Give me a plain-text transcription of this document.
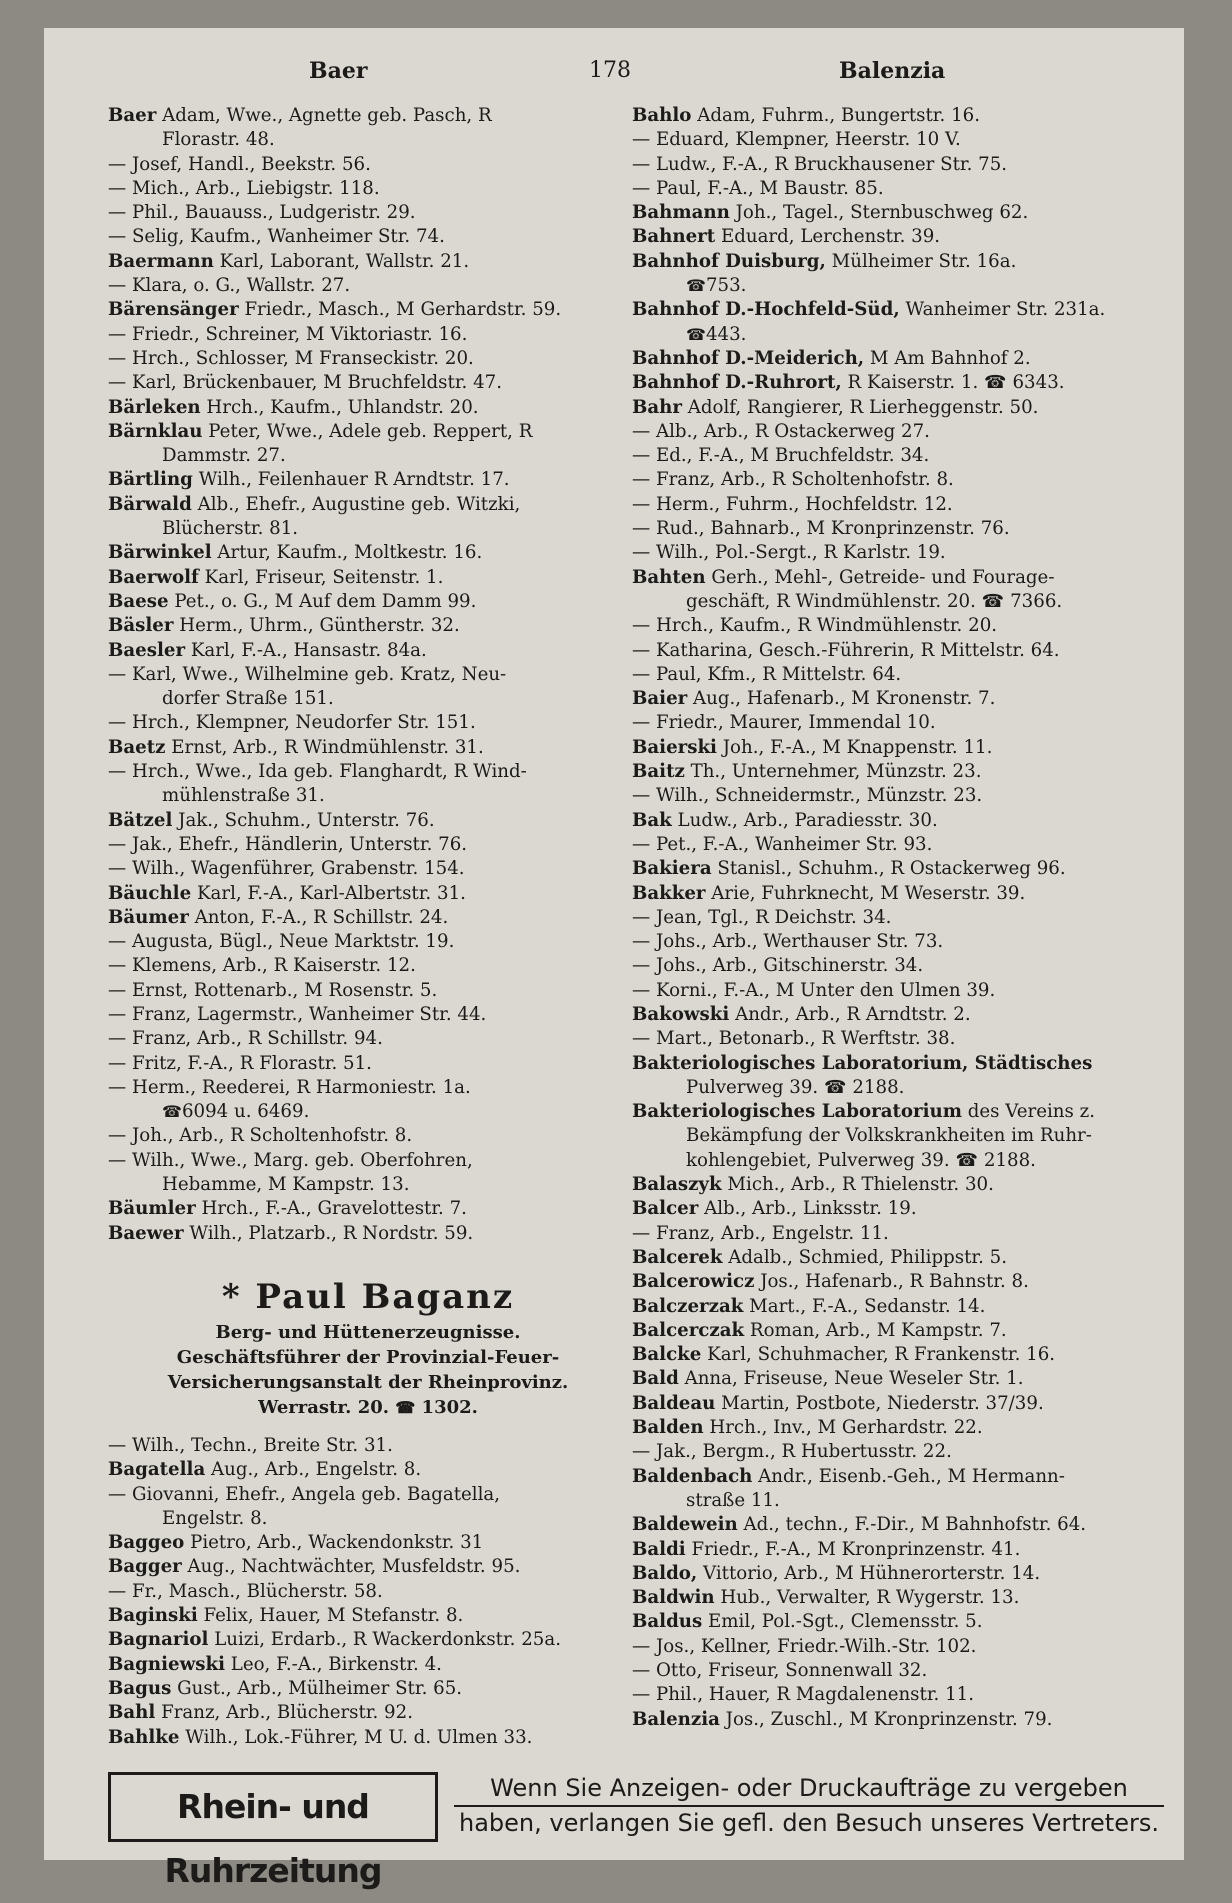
Baer	178	Balenzia
Baer Adam, Wwe., Agnette geb. Pasch, R
Florastr. 48.
— Josef, Handl., Beekstr. 56.
— Mich., Arb., Liebigstr. 118.
— Phil., Bauauss., Ludgeristr. 29.
— Selig, Kaufm., Wanheimer Str. 74.
Baermann Karl, Laborant, Wallstr. 21.
— Klara, o. G., Wallstr. 27.
Bärensänger Friedr., Masch., M Gerhardstr. 59.
— Friedr., Schreiner, M Viktoriastr. 16.
— Hrch., Schlosser, M Franseckistr. 20.
— Karl, Brückenbauer, M Bruchfeldstr. 47.
Bärleken Hrch., Kaufm., Uhlandstr. 20.
Bärnklau Peter, Wwe., Adele geb. Reppert, R
Dammstr. 27.
Bärtling Wilh., Feilenhauer R Arndtstr. 17.
Bärwald Alb., Ehefr., Augustine geb. Witzki,
Blücherstr. 81.
Bärwinkel Artur, Kaufm., Moltkestr. 16.
Baerwolf Karl, Friseur, Seitenstr. 1.
Baese Pet., o. G., M Auf dem Damm 99.
Bäsler Herm., Uhrm., Güntherstr. 32.
Baesler Karl, F.-A., Hansastr. 84a.
— Karl, Wwe., Wilhelmine geb. Kratz, Neu-
dorfer Straße 151.
— Hrch., Klempner, Neudorfer Str. 151.
Baetz Ernst, Arb., R Windmühlenstr. 31.
— Hrch., Wwe., Ida geb. Flanghardt, R Wind-
mühlenstraße 31.
Bätzel Jak., Schuhm., Unterstr. 76.
— Jak., Ehefr., Händlerin, Unterstr. 76.
— Wilh., Wagenführer, Grabenstr. 154.
Bäuchle Karl, F.-A., Karl-Albertstr. 31.
Bäumer Anton, F.-A., R Schillstr. 24.
— Augusta, Bügl., Neue Marktstr. 19.
— Klemens, Arb., R Kaiserstr. 12.
— Ernst, Rottenarb., M Rosenstr. 5.
— Franz, Lagermstr., Wanheimer Str. 44.
— Franz, Arb., R Schillstr. 94.
— Fritz, F.-A., R Florastr. 51.
— Herm., Reederei, R Harmoniestr. 1a.
☎6094 u. 6469.
— Joh., Arb., R Scholtenhofstr. 8.
— Wilh., Wwe., Marg. geb. Oberfohren,
Hebamme, M Kampstr. 13.
Bäumler Hrch., F.-A., Gravelottestr. 7.
Baewer Wilh., Platzarb., R Nordstr. 59.
* Paul Baganz
Berg- und Hüttenerzeugnisse.
Geschäftsführer der Provinzial-Feuer-
Versicherungsanstalt der Rheinprovinz.
Werrastr. 20. ☎ 1302.
— Wilh., Techn., Breite Str. 31.
Bagatella Aug., Arb., Engelstr. 8.
— Giovanni, Ehefr., Angela geb. Bagatella,
Engelstr. 8.
Baggeo Pietro, Arb., Wackendonkstr. 31
Bagger Aug., Nachtwächter, Musfeldstr. 95.
— Fr., Masch., Blücherstr. 58.
Baginski Felix, Hauer, M Stefanstr. 8.
Bagnariol Luizi, Erdarb., R Wackerdonkstr. 25a.
Bagniewski Leo, F.-A., Birkenstr. 4.
Bagus Gust., Arb., Mülheimer Str. 65.
Bahl Franz, Arb., Blücherstr. 92.
Bahlke Wilh., Lok.-Führer, M U. d. Ulmen 33.
Bahlo Adam, Fuhrm., Bungertstr. 16.
— Eduard, Klempner, Heerstr. 10 V.
— Ludw., F.-A., R Bruckhausener Str. 75.
— Paul, F.-A., M Baustr. 85.
Bahmann Joh., Tagel., Sternbuschweg 62.
Bahnert Eduard, Lerchenstr. 39.
Bahnhof Duisburg, Mülheimer Str. 16a.
☎753.
Bahnhof D.-Hochfeld-Süd, Wanheimer Str. 231a.
☎443.
Bahnhof D.-Meiderich, M Am Bahnhof 2.
Bahnhof D.-Ruhrort, R Kaiserstr. 1. ☎ 6343.
Bahr Adolf, Rangierer, R Lierheggenstr. 50.
— Alb., Arb., R Ostackerweg 27.
— Ed., F.-A., M Bruchfeldstr. 34.
— Franz, Arb., R Scholtenhofstr. 8.
— Herm., Fuhrm., Hochfeldstr. 12.
— Rud., Bahnarb., M Kronprinzenstr. 76.
— Wilh., Pol.-Sergt., R Karlstr. 19.
Bahten Gerh., Mehl-, Getreide- und Fourage-
geschäft, R Windmühlenstr. 20. ☎ 7366.
— Hrch., Kaufm., R Windmühlenstr. 20.
— Katharina, Gesch.-Führerin, R Mittelstr. 64.
— Paul, Kfm., R Mittelstr. 64.
Baier Aug., Hafenarb., M Kronenstr. 7.
— Friedr., Maurer, Immendal 10.
Baierski Joh., F.-A., M Knappenstr. 11.
Baitz Th., Unternehmer, Münzstr. 23.
— Wilh., Schneidermstr., Münzstr. 23.
Bak Ludw., Arb., Paradiesstr. 30.
— Pet., F.-A., Wanheimer Str. 93.
Bakiera Stanisl., Schuhm., R Ostackerweg 96.
Bakker Arie, Fuhrknecht, M Weserstr. 39.
— Jean, Tgl., R Deichstr. 34.
— Johs., Arb., Werthauser Str. 73.
— Johs., Arb., Gitschinerstr. 34.
— Korni., F.-A., M Unter den Ulmen 39.
Bakowski Andr., Arb., R Arndtstr. 2.
— Mart., Betonarb., R Werftstr. 38.
Bakteriologisches Laboratorium, Städtisches
Pulverweg 39. ☎ 2188.
Bakteriologisches Laboratorium des Vereins z.
Bekämpfung der Volkskrankheiten im Ruhr-
kohlengebiet, Pulverweg 39. ☎ 2188.
Balaszyk Mich., Arb., R Thielenstr. 30.
Balcer Alb., Arb., Linksstr. 19.
— Franz, Arb., Engelstr. 11.
Balcerek Adalb., Schmied, Philippstr. 5.
Balcerowicz Jos., Hafenarb., R Bahnstr. 8.
Balczerzak Mart., F.-A., Sedanstr. 14.
Balcerczak Roman, Arb., M Kampstr. 7.
Balcke Karl, Schuhmacher, R Frankenstr. 16.
Bald Anna, Friseuse, Neue Weseler Str. 1.
Baldeau Martin, Postbote, Niederstr. 37/39.
Balden Hrch., Inv., M Gerhardstr. 22.
— Jak., Bergm., R Hubertusstr. 22.
Baldenbach Andr., Eisenb.-Geh., M Hermann-
straße 11.
Baldewein Ad., techn., F.-Dir., M Bahnhofstr. 64.
Baldi Friedr., F.-A., M Kronprinzenstr. 41.
Baldo, Vittorio, Arb., M Hühnerorterstr. 14.
Baldwin Hub., Verwalter, R Wygerstr. 13.
Baldus Emil, Pol.-Sgt., Clemensstr. 5.
— Jos., Kellner, Friedr.-Wilh.-Str. 102.
— Otto, Friseur, Sonnenwall 32.
— Phil., Hauer, R Magdalenenstr. 11.
Balenzia Jos., Zuschl., M Kronprinzenstr. 79.
Rhein- und Ruhrzeitung
Wenn Sie Anzeigen- oder Druckaufträge zu vergeben
haben, verlangen Sie gefl. den Besuch unseres Vertreters.
